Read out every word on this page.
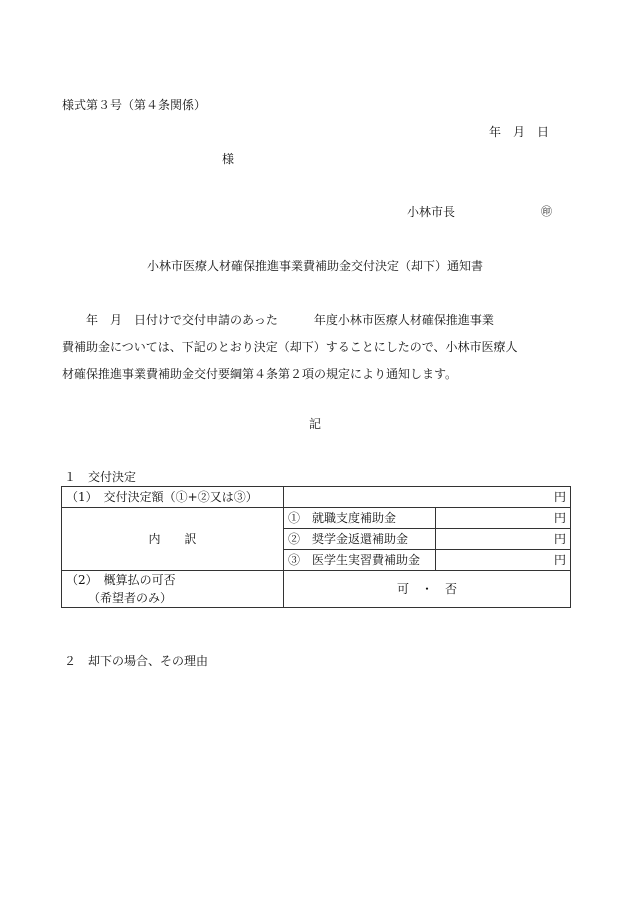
様式第３号（第４条関係）
年　月　日
様
小林市長	㊞
小林市医療人材確保推進事業費補助金交付決定（却下）通知書
　　年　月　日付けで交付申請のあった　　　年度小林市医療人材確保推進事業
費補助金については、下記のとおり決定（却下）することにしたので、小林市医療人
材確保推進事業費補助金交付要綱第４条第２項の規定により通知します。
記
１　交付決定
（1）　交付決定額（①+②又は③）	円	
内　　訳	①　就職支度補助金	円
	②　奨学金返還補助金	円
	③　医学生実習費補助金	円

（2）　概算払の可否
（希望者のみ）	可　・　否	
２　却下の場合、その理由
